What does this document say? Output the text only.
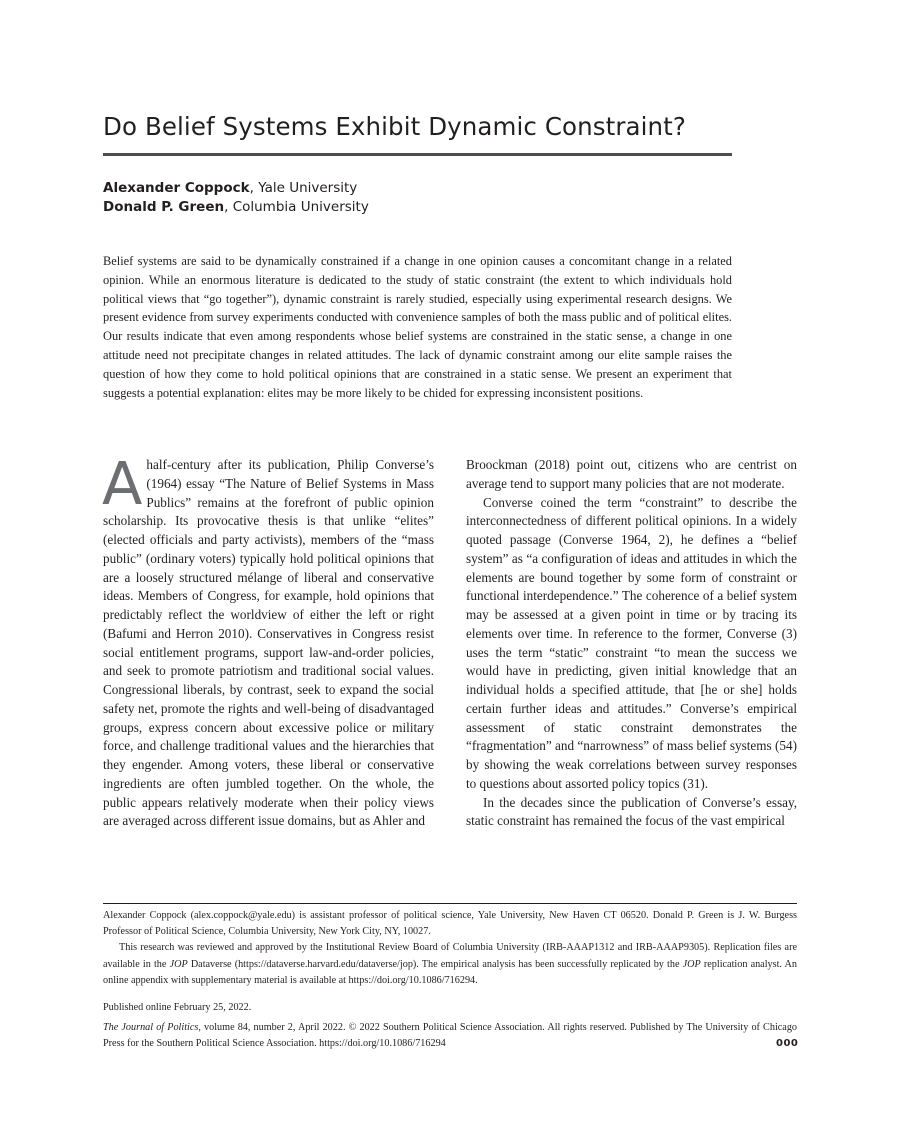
Do Belief Systems Exhibit Dynamic Constraint?
Alexander Coppock, Yale University
Donald P. Green, Columbia University

Belief systems are said to be dynamically constrained if a change in one opinion causes a concomitant change in a related opinion. While an enormous literature is dedicated to the study of static constraint (the extent to which individuals hold political views that “go together”), dynamic constraint is rarely studied, especially using experimental research designs. We present evidence from survey experiments conducted with convenience samples of both the mass public and of political elites. Our results indicate that even among respondents whose belief systems are constrained in the static sense, a change in one attitude need not precipitate changes in related attitudes. The lack of dynamic constraint among our elite sample raises the question of how they come to hold political opinions that are constrained in a static sense. We present an experiment that suggests a potential explanation: elites may be more likely to be chided for expressing inconsistent positions.

A half-century after its publication, Philip Converse’s (1964) essay “The Nature of Belief Systems in Mass Publics” remains at the forefront of public opinion scholarship. Its provocative thesis is that unlike “elites” (elected officials and party activists), members of the “mass public” (ordinary voters) typically hold political opinions that are a loosely structured mélange of liberal and conservative ideas. Members of Congress, for example, hold opinions that predictably reflect the worldview of either the left or right (Bafumi and Herron 2010). Conservatives in Congress resist social entitlement programs, support law-and-order policies, and seek to promote patriotism and traditional social values. Congressional liberals, by contrast, seek to expand the social safety net, promote the rights and well-being of disadvantaged groups, express concern about excessive police or military force, and challenge traditional values and the hierarchies that they engender. Among voters, these liberal or conservative ingredients are often jumbled together. On the whole, the public appears relatively moderate when their policy views are averaged across different issue domains, but as Ahler and

Broockman (2018) point out, citizens who are centrist on average tend to support many policies that are not moderate.

Converse coined the term “constraint” to describe the interconnectedness of different political opinions. In a widely quoted passage (Converse 1964, 2), he defines a “belief system” as “a configuration of ideas and attitudes in which the elements are bound together by some form of constraint or functional interdependence.” The coherence of a belief system may be assessed at a given point in time or by tracing its elements over time. In reference to the former, Converse (3) uses the term “static” constraint “to mean the success we would have in predicting, given initial knowledge that an individual holds a specified attitude, that [he or she] holds certain further ideas and attitudes.” Converse’s empirical assessment of static constraint demonstrates the “fragmentation” and “narrowness” of mass belief systems (54) by showing the weak correlations between survey responses to questions about assorted policy topics (31).

In the decades since the publication of Converse’s essay, static constraint has remained the focus of the vast empirical

Alexander Coppock (alex.coppock@yale.edu) is assistant professor of political science, Yale University, New Haven CT 06520. Donald P. Green is J. W. Burgess Professor of Political Science, Columbia University, New York City, NY, 10027.

This research was reviewed and approved by the Institutional Review Board of Columbia University (IRB-AAAP1312 and IRB-AAAP9305). Replication files are available in the JOP Dataverse (https://dataverse.harvard.edu/dataverse/jop). The empirical analysis has been successfully replicated by the JOP replication analyst. An online appendix with supplementary material is available at https://doi.org/10.1086/716294.

Published online February 25, 2022.
The Journal of Politics, volume 84, number 2, April 2022. © 2022 Southern Political Science Association. All rights reserved. Published by The University of Chicago Press for the Southern Political Science Association. https://doi.org/10.1086/716294	000
